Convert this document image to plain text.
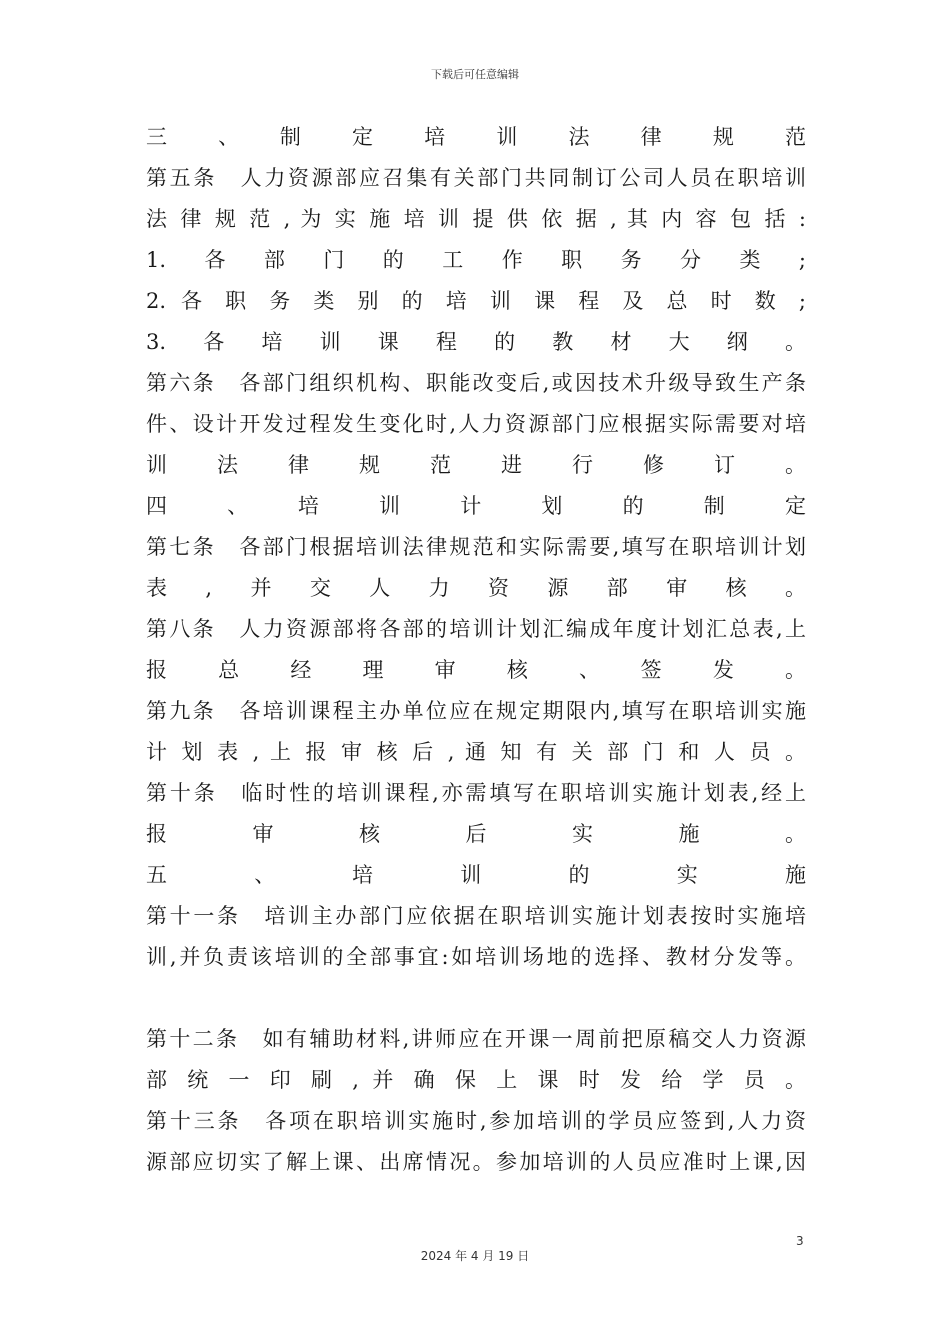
下载后可任意编辑
三　、　制　定　培　训　法　律　规　范
第五条　人力资源部应召集有关部门共同制订公司人员在职培训
法 律 规 范 , 为 实 施 培 训 提 供 依 据 , 其 内 容 包 括 :
1.　各　部　门　的　工　作　职　务　分　类　;
2. 各 职 务 类 别 的 培 训 课 程 及 总 时 数 ;
3.　各　培　训　课　程　的　教　材　大　纲　。
第六条　各部门组织机构、职能改变后,或因技术升级导致生产条
件、设计开发过程发生变化时,人力资源部门应根据实际需要对培
训　法　律　规　范　进　行　修　订　。
四　、　培　训　计　划　的　制　定
第七条　各部门根据培训法律规范和实际需要,填写在职培训计划
表　,　并　交　人　力　资　源　部　审　核　。
第八条　人力资源部将各部的培训计划汇编成年度计划汇总表,上
报　总　经　理　审　核　、　签　发　。
第九条　各培训课程主办单位应在规定期限内,填写在职培训实施
计 划 表 , 上 报 审 核 后 , 通 知 有 关 部 门 和 人 员 。
第十条　临时性的培训课程,亦需填写在职培训实施计划表,经上
报　审　核　后　实　施　。
五　、　培　训　的　实　施
第十一条　培训主办部门应依据在职培训实施计划表按时实施培
训,并负责该培训的全部事宜:如培训场地的选择、教材分发等。
第十二条　如有辅助材料,讲师应在开课一周前把原稿交人力资源
部 统 一 印 刷 , 并 确 保 上 课 时 发 给 学 员 。
第十三条　各项在职培训实施时,参加培训的学员应签到,人力资
源部应切实了解上课、出席情况。参加培训的人员应准时上课,因
3
2024 年 4 月 19 日
